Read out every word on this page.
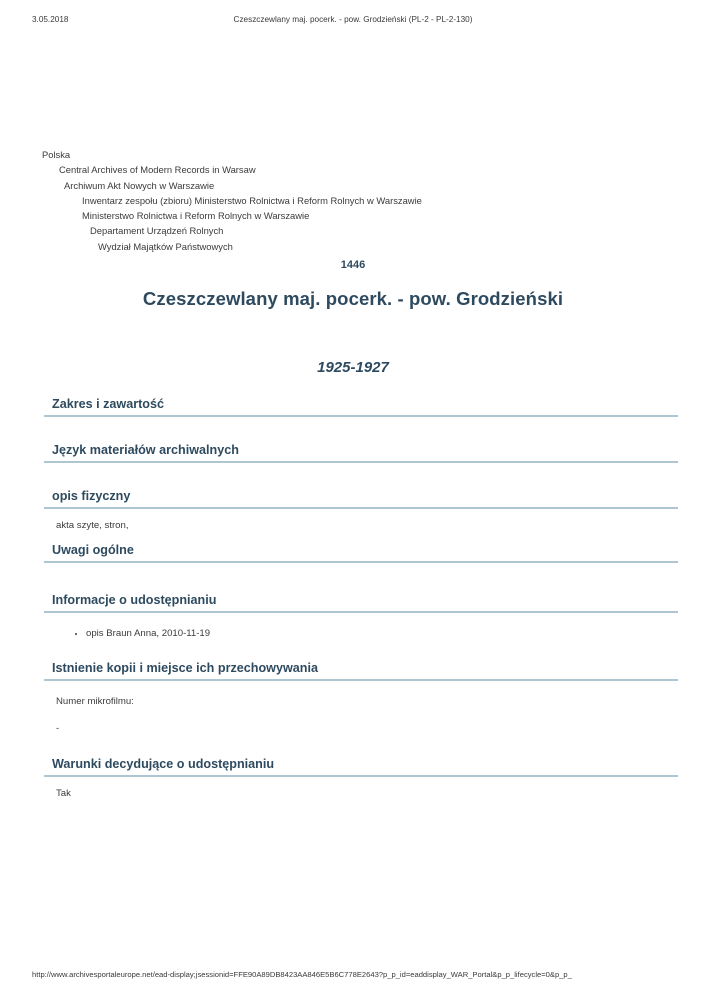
3.05.2018	Czeszczewlany maj. pocerk. - pow. Grodzieński (PL-2 - PL-2-130)
Polska
Central Archives of Modern Records in Warsaw
Archiwum Akt Nowych w Warszawie
Inwentarz zespołu (zbioru) Ministerstwo Rolnictwa i Reform Rolnych w Warszawie
Ministerstwo Rolnictwa i Reform Rolnych w Warszawie
Departament Urządzeń Rolnych
Wydział Majątków Państwowych
1446
Czeszczewlany maj. pocerk. - pow. Grodzieński
1925-1927
Zakres i zawartość
Język materiałów archiwalnych
opis fizyczny

akta szyte, stron,

Uwagi ogólne
Informacje o udostępnianiu
• opis Braun Anna, 2010-11-19
Istnienie kopii i miejsce ich przechowywania

Numer mikrofilmu:

-

Warunki decydujące o udostępnianiu

Tak

http://www.archivesportaleurope.net/ead-display;jsessionid=FFE90A89DB8423AA846E5B6C778E2643?p_p_id=eaddisplay_WAR_Portal&p_p_lifecycle=0&p_p_
